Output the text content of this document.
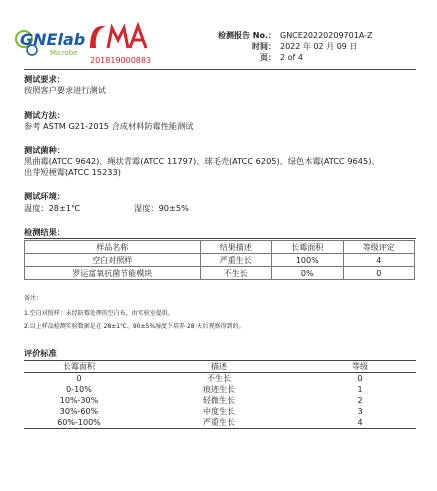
GNElab
Microbe
201819000883
检测报告 No.： GNCE20220209701A-Z
时间： 2022 年 02 月 09 日
页： 2 of 4
测试要求：
按照客户要求进行测试
测试方法：
参考 ASTM G21-2015 合成材料防霉性能测试
测试菌种：
黑曲霉(ATCC 9642)、绳状青霉(ATCC 11797)、球毛壳(ATCC 6205)、绿色木霉(ATCC 9645)、
出芽短梗霉(ATCC 15233)
测试环境：
温度：28±1℃	湿度：90±5%
检测结果：
样品名称	结果描述	长霉面积	等级评定
空白对照样	严重生长	100%	4
罗运富氧抗菌节能模块	不生长	0%	0
备注：
1.空白对照样：未经防霉处理的空白布，由实验室提供。
2.以上样品检测实验数据是在 28±1℃、90±5%湿度下培养 28 天后观察得到的。
评价标准
长霉面积	描述	等级
0	不生长	0
0-10%	痕迹生长	1
10%-30%	轻微生长	2
30%-60%	中度生长	3
60%-100%	严重生长	4
